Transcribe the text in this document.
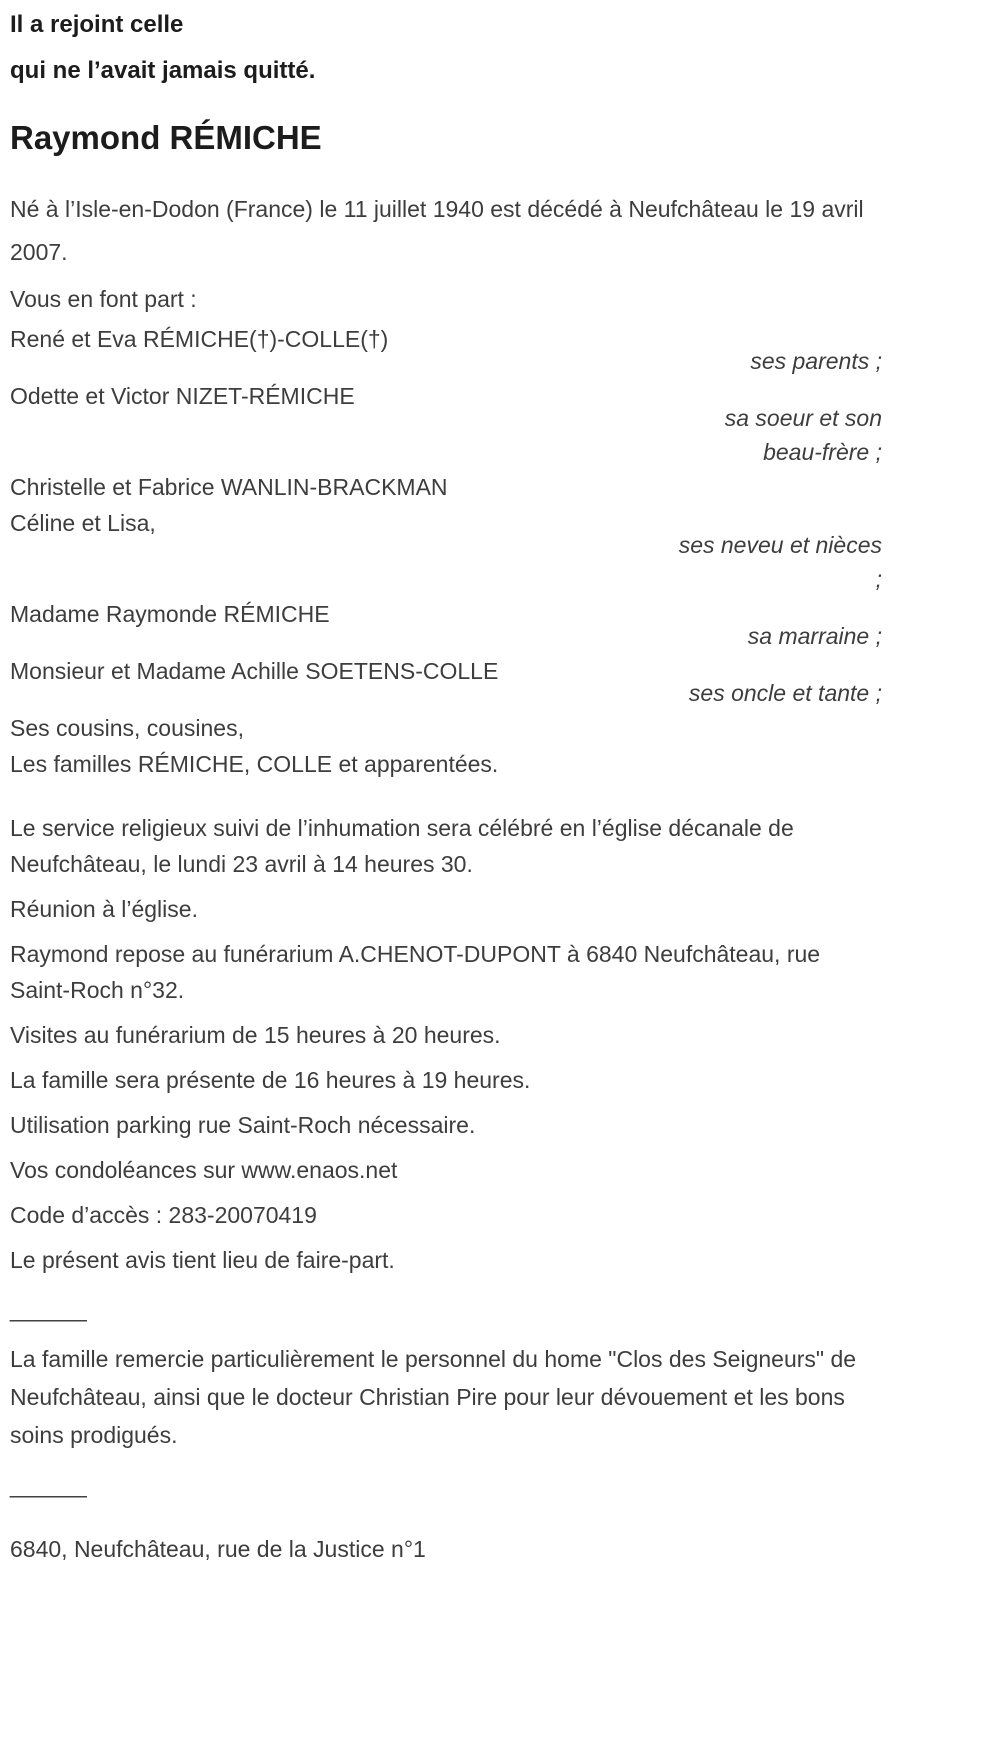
Il a rejoint celle

qui ne l’avait jamais quitté.

Raymond RÉMICHE

Né à l’Isle-en-Dodon (France) le 11 juillet 1940 est décédé à Neufchâteau le 19 avril 2007.

Vous en font part :

René et Eva RÉMICHE(†)-COLLE(†)

ses parents ;

Odette et Victor NIZET-RÉMICHE

sa soeur et son

beau-frère ;

Christelle et Fabrice WANLIN-BRACKMAN

Céline et Lisa,

ses neveu et nièces

;

Madame Raymonde RÉMICHE

sa marraine ;

Monsieur et Madame Achille SOETENS-COLLE

ses oncle et tante ;

Ses cousins, cousines,

Les familles RÉMICHE, COLLE et apparentées.

Le service religieux suivi de l’inhumation sera célébré en l’église décanale de Neufchâteau, le lundi 23 avril à 14 heures 30.

Réunion à l’église.

Raymond repose au funérarium A.CHENOT-DUPONT à 6840 Neufchâteau, rue Saint-Roch n°32.

Visites au funérarium de 15 heures à 20 heures.

La famille sera présente de 16 heures à 19 heures.

Utilisation parking rue Saint-Roch nécessaire.

Vos condoléances sur www.enaos.net

Code d’accès : 283-20070419

Le présent avis tient lieu de faire-part.

______

La famille remercie particulièrement le personnel du home "Clos des Seigneurs" de Neufchâteau, ainsi que le docteur Christian Pire pour leur dévouement et les bons soins prodigués.

______

6840, Neufchâteau, rue de la Justice n°1
